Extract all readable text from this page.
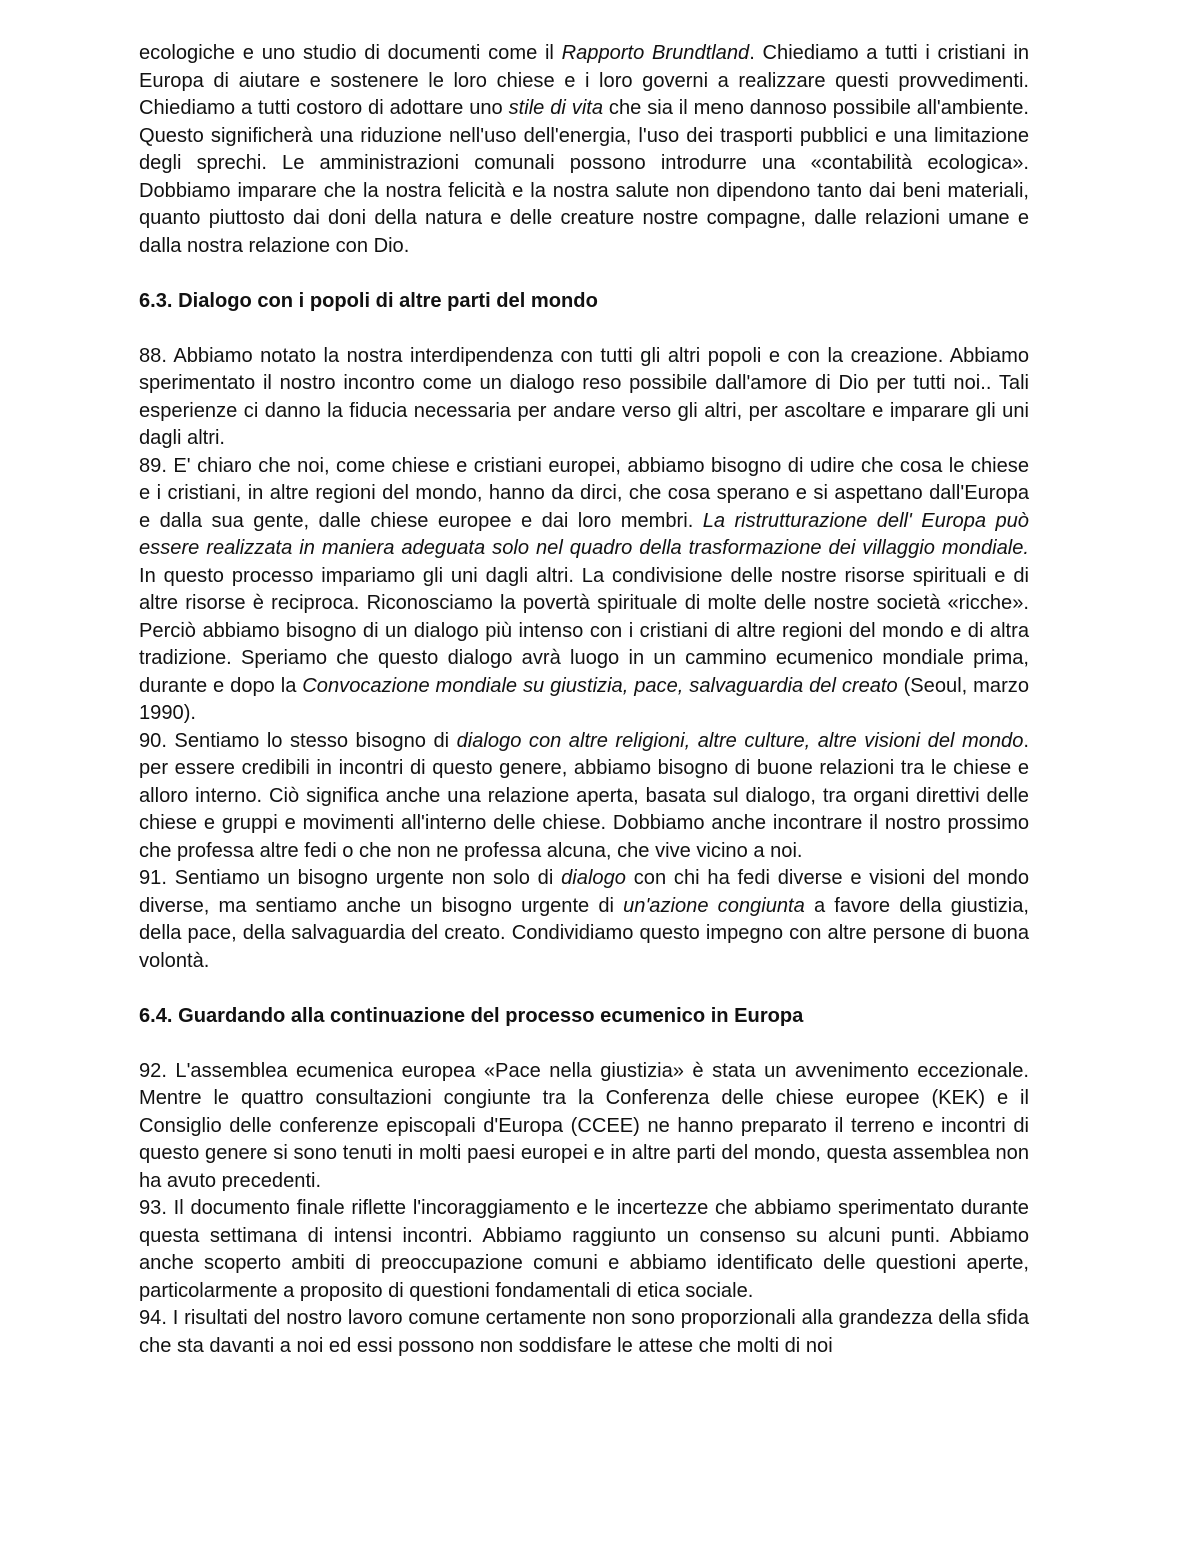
ecologiche e uno studio di documenti come il Rapporto Brundtland. Chiediamo a tutti i cristiani in Europa di aiutare e sostenere le loro chiese e i loro governi a realizzare questi provvedimenti. Chiediamo a tutti costoro di adottare uno stile di vita che sia il meno dannoso possibile all'ambiente. Questo significherà una riduzione nell'uso dell'energia, l'uso dei trasporti pubblici e una limitazione degli sprechi. Le amministrazioni comunali possono introdurre una «contabilità ecologica». Dobbiamo imparare che la nostra felicità e la nostra salute non dipendono tanto dai beni materiali, quanto piuttosto dai doni della natura e delle creature nostre compagne, dalle relazioni umane e dalla nostra relazione con Dio.

6.3. Dialogo con i popoli di altre parti del mondo

88. Abbiamo notato la nostra interdipendenza con tutti gli altri popoli e con la creazione. Abbiamo sperimentato il nostro incontro come un dialogo reso possibile dall'amore di Dio per tutti noi.. Tali esperienze ci danno la fiducia necessaria per andare verso gli altri, per ascoltare e imparare gli uni dagli altri.

89. E' chiaro che noi, come chiese e cristiani europei, abbiamo bisogno di udire che cosa le chiese e i cristiani, in altre regioni del mondo, hanno da dirci, che cosa sperano e si aspettano dall'Europa e dalla sua gente, dalle chiese europee e dai loro membri. La ristrutturazione dell' Europa può essere realizzata in maniera adeguata solo nel quadro della trasformazione dei villaggio mondiale. In questo processo impariamo gli uni dagli altri. La condivisione delle nostre risorse spirituali e di altre risorse è reciproca. Riconosciamo la povertà spirituale di molte delle nostre società «ricche». Perciò abbiamo bisogno di un dialogo più intenso con i cristiani di altre regioni del mondo e di altra tradizione. Speriamo che questo dialogo avrà luogo in un cammino ecumenico mondiale prima, durante e dopo la Convocazione mondiale su giustizia, pace, salvaguardia del creato (Seoul, marzo 1990).

90. Sentiamo lo stesso bisogno di dialogo con altre religioni, altre culture, altre visioni del mondo. per essere credibili in incontri di questo genere, abbiamo bisogno di buone relazioni tra le chiese e alloro interno. Ciò significa anche una relazione aperta, basata sul dialogo, tra organi direttivi delle chiese e gruppi e movimenti all'interno delle chiese. Dobbiamo anche incontrare il nostro prossimo che professa altre fedi o che non ne professa alcuna, che vive vicino a noi.

91. Sentiamo un bisogno urgente non solo di dialogo con chi ha fedi diverse e visioni del mondo diverse, ma sentiamo anche un bisogno urgente di un'azione congiunta a favore della giustizia, della pace, della salvaguardia del creato. Condividiamo questo impegno con altre persone di buona volontà.

6.4. Guardando alla continuazione del processo ecumenico in Europa

92. L'assemblea ecumenica europea «Pace nella giustizia» è stata un avvenimento eccezionale. Mentre le quattro consultazioni congiunte tra la Conferenza delle chiese europee (KEK) e il Consiglio delle conferenze episcopali d'Europa (CCEE) ne hanno preparato il terreno e incontri di questo genere si sono tenuti in molti paesi europei e in altre parti del mondo, questa assemblea non ha avuto precedenti.

93. Il documento finale riflette l'incoraggiamento e le incertezze che abbiamo sperimentato durante questa settimana di intensi incontri. Abbiamo raggiunto un consenso su alcuni punti. Abbiamo anche scoperto ambiti di preoccupazione comuni e abbiamo identificato delle questioni aperte, particolarmente a proposito di questioni fondamentali di etica sociale.

94. I risultati del nostro lavoro comune certamente non sono proporzionali alla grandezza della sfida che sta davanti a noi ed essi possono non soddisfare le attese che molti di noi
